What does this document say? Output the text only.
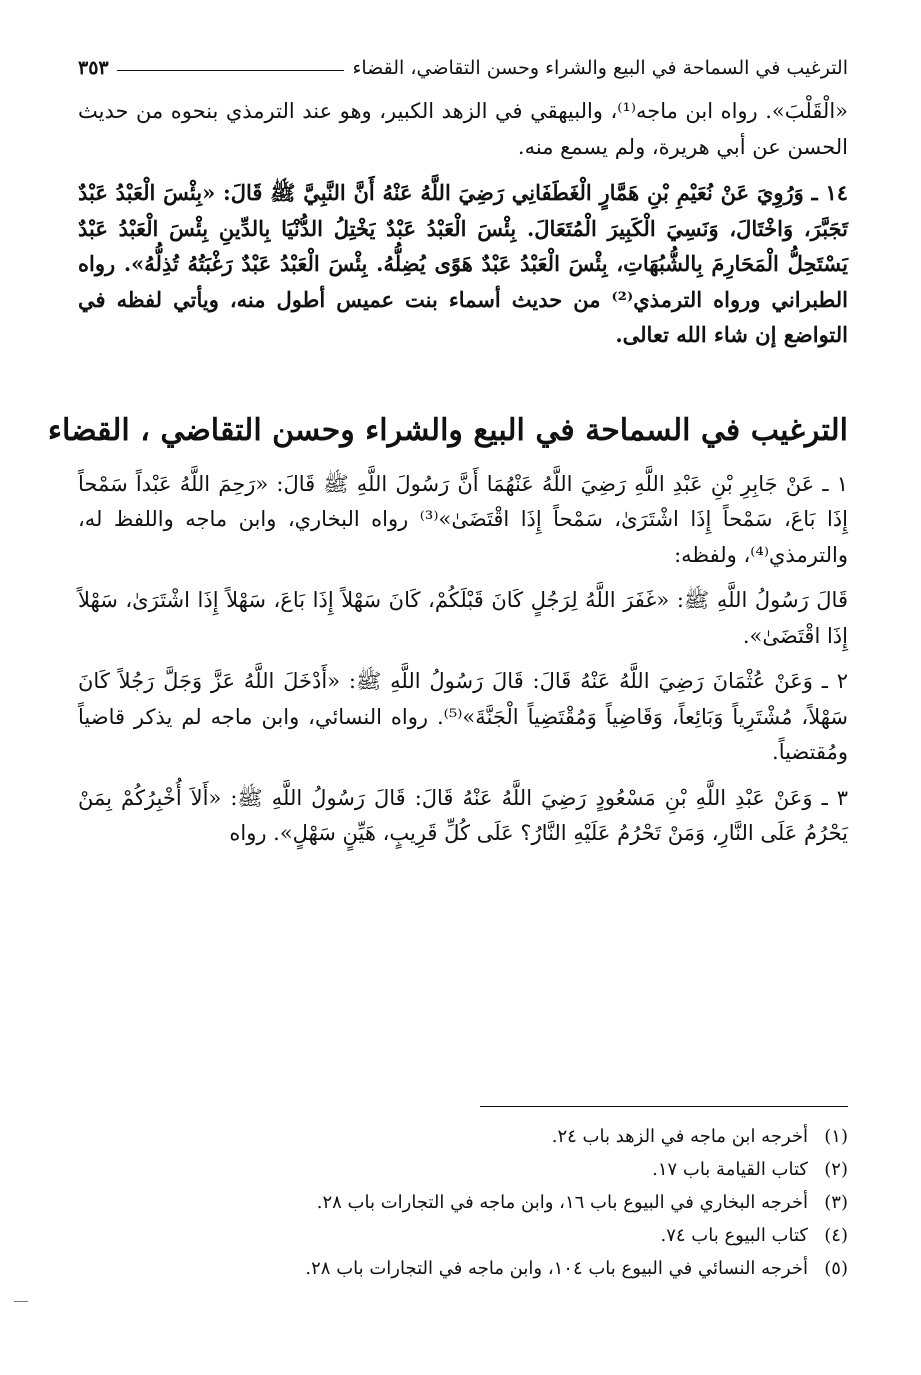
الترغيب في السماحة في البيع والشراء وحسن التقاضي، القضاء
٣٥٣

«الْقَلْبَ». رواه ابن ماجه⁽¹⁾، والبيهقي في الزهد الكبير، وهو عند الترمذي بنحوه من حديث الحسن عن أبي هريرة، ولم يسمع منه.

١٤ ـ وَرُوِيَ عَنْ نُعَيْمِ بْنِ هَمَّارٍ الْغَطَفَانِي رَضِيَ اللَّهُ عَنْهُ أَنَّ النَّبِيَّ ﷺ قَالَ: «بِئْسَ الْعَبْدُ عَبْدٌ تَجَبَّرَ، وَاخْتَالَ، وَنَسِيَ الْكَبِيرَ الْمُتَعَالَ. بِئْسَ الْعَبْدُ عَبْدٌ يَخْتِلُ الدُّنْيَا بِالدِّينِ بِئْسَ الْعَبْدُ عَبْدٌ يَسْتَحِلُّ الْمَحَارِمَ بِالشُّبُهَاتِ، بِئْسَ الْعَبْدُ عَبْدٌ هَوًى يُضِلُّهُ. بِئْسَ الْعَبْدُ عَبْدٌ رَغْبَتُهُ تُذِلُّهُ». رواه الطبراني ورواه الترمذي⁽²⁾ من حديث أسماء بنت عميس أطول منه، ويأتي لفظه في التواضع إن شاء الله تعالى.

الترغيب في السماحة في البيع والشراء وحسن التقاضي ، القضاء

١ ـ عَنْ جَابِرِ بْنِ عَبْدِ اللَّهِ رَضِيَ اللَّهُ عَنْهُمَا أَنَّ رَسُولَ اللَّهِ ﷺ قَالَ: «رَحِمَ اللَّهُ عَبْداً سَمْحاً إِذَا بَاعَ، سَمْحاً إِذَا اشْتَرَىٰ، سَمْحاً إِذَا اقْتَضَىٰ»⁽³⁾ رواه البخاري، وابن ماجه واللفظ له، والترمذي⁽⁴⁾، ولفظه:

قَالَ رَسُولُ اللَّهِ ﷺ: «غَفَرَ اللَّهُ لِرَجُلٍ كَانَ قَبْلَكُمْ، كَانَ سَهْلاً إِذَا بَاعَ، سَهْلاً إِذَا اشْتَرَىٰ، سَهْلاً إِذَا اقْتَضَىٰ».

٢ ـ وَعَنْ عُثْمَانَ رَضِيَ اللَّهُ عَنْهُ قَالَ: قَالَ رَسُولُ اللَّهِ ﷺ: «أَدْخَلَ اللَّهُ عَزَّ وَجَلَّ رَجُلاً كَانَ سَهْلاً، مُشْتَرِياً وَبَائِعاً، وَقَاضِياً وَمُقْتَضِياً الْجَنَّةَ»⁽⁵⁾. رواه النسائي، وابن ماجه لم يذكر قاضياً ومُقتضياً.

٣ ـ وَعَنْ عَبْدِ اللَّهِ بْنِ مَسْعُودٍ رَضِيَ اللَّهُ عَنْهُ قَالَ: قَالَ رَسُولُ اللَّهِ ﷺ: «أَلاَ أُخْبِرُكُمْ بِمَنْ يَحْرُمُ عَلَى النَّارِ، وَمَنْ تَحْرُمُ عَلَيْهِ النَّارُ؟ عَلَى كُلِّ قَرِيبٍ، هَيِّنٍ سَهْلٍ». رواه

(١)
أخرجه ابن ماجه في الزهد باب ٢٤.
(٢)
كتاب القيامة باب ١٧.
(٣)
أخرجه البخاري في البيوع باب ١٦، وابن ماجه في التجارات باب ٢٨.
(٤)
كتاب البيوع باب ٧٤.
(٥)
أخرجه النسائي في البيوع باب ١٠٤، وابن ماجه في التجارات باب ٢٨.
